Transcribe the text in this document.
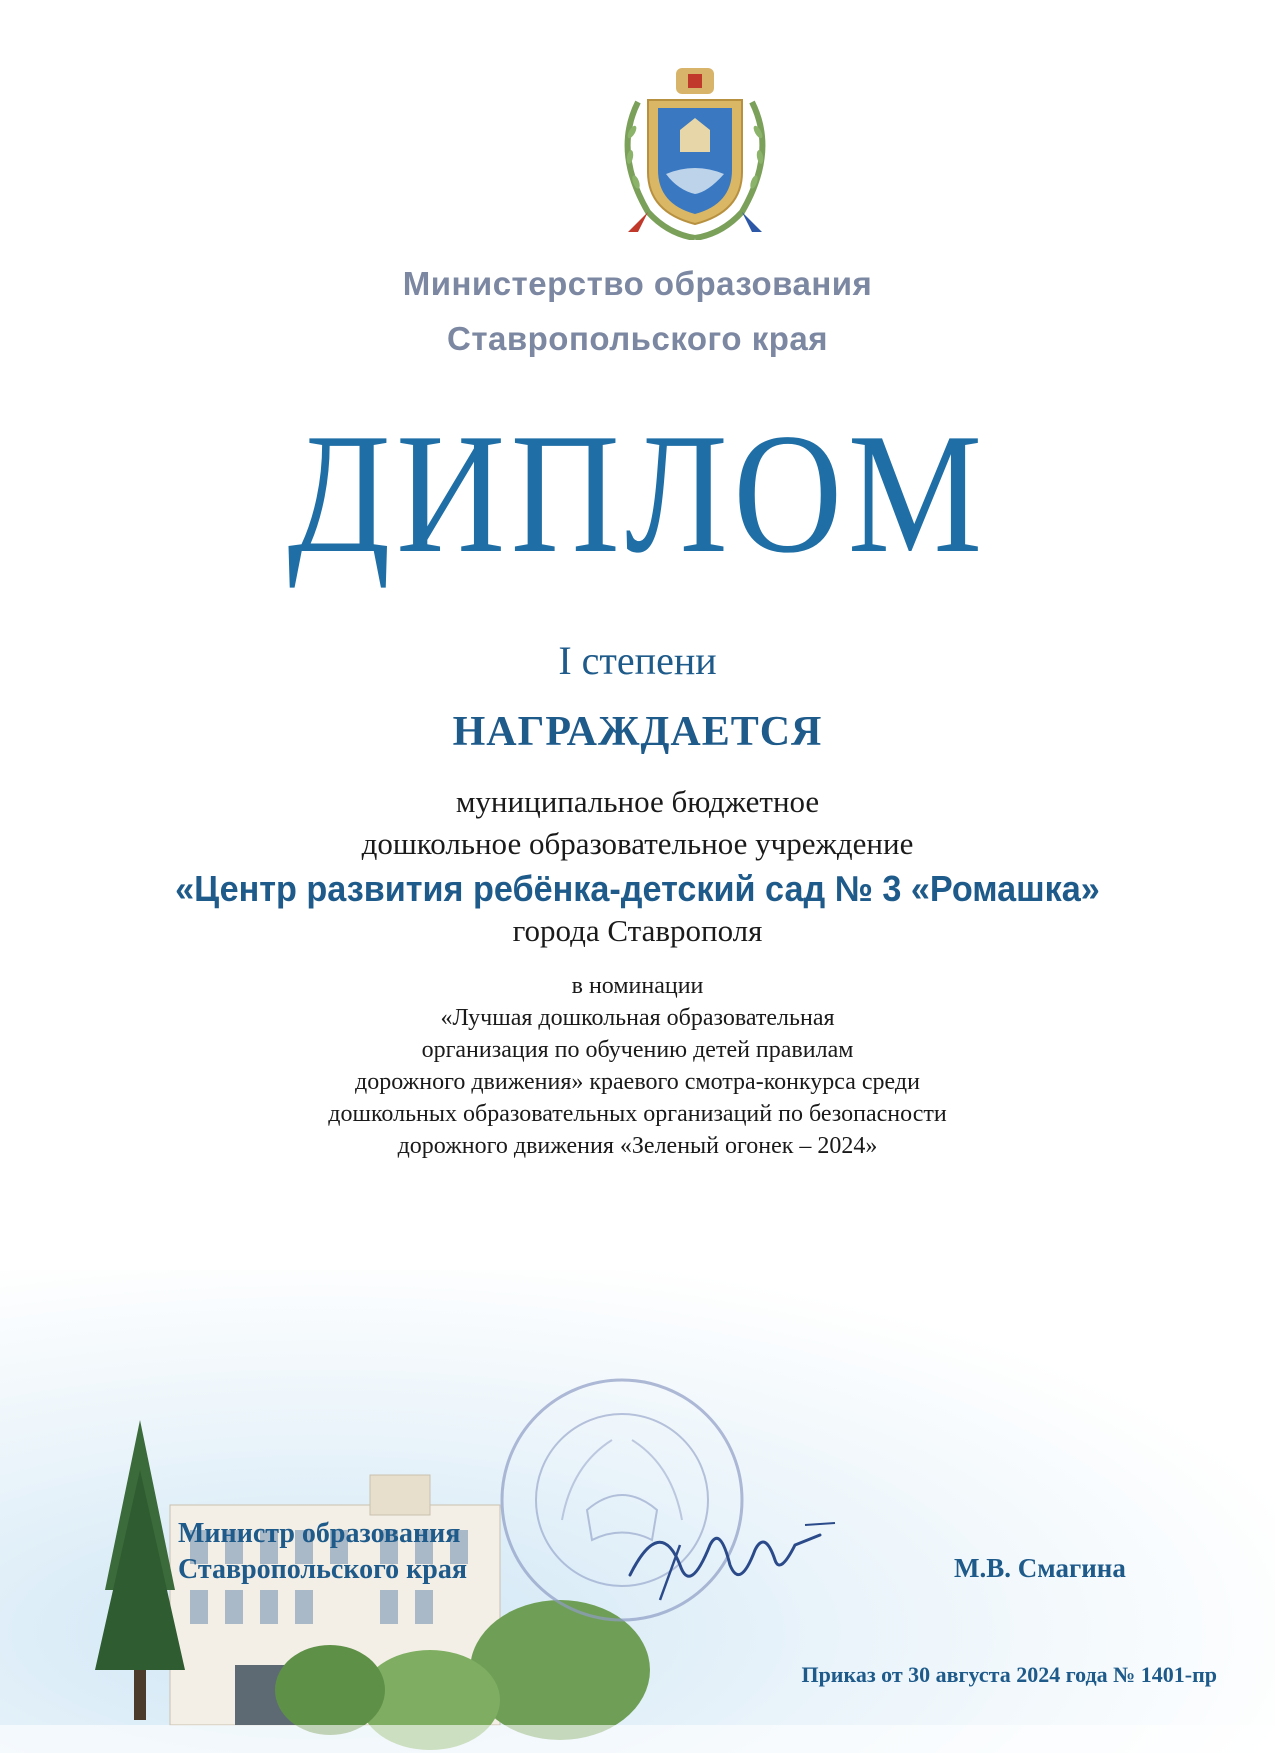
Министерство образования
Ставропольского края
ДИПЛОМ
I степени
НАГРАЖДАЕТСЯ
муниципальное бюджетное
дошкольное образовательное учреждение
«Центр развития ребёнка-детский сад № 3 «Ромашка»
города Ставрополя
в номинации
«Лучшая дошкольная образовательная
организация по обучению детей правилам
дорожного движения» краевого смотра-конкурса среди
дошкольных образовательных организаций по безопасности
дорожного движения «Зеленый огонек – 2024»
Министр образования
Ставропольского края	М.В. Смагина
Приказ от 30 августа 2024 года № 1401-пр
